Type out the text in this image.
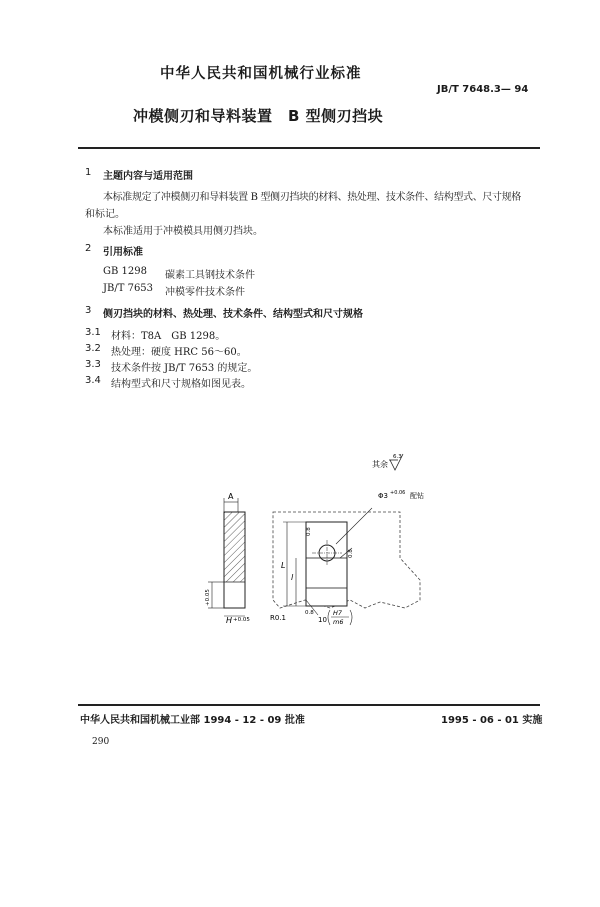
中华人民共和国机械行业标准
JB/T 7648.3— 94
冲模侧刃和导料装置　B 型侧刃挡块
1 主题内容与适用范围
本标准规定了冲模侧刃和导料装置 B 型侧刃挡块的材料、热处理、技术条件、结构型式、尺寸规格
和标记。
本标准适用于冲模模具用侧刃挡块。
2 引用标准
GB 1298 碳素工具钢技术条件
JB/T 7653 冲模零件技术条件
3 侧刃挡块的材料、热处理、技术条件、结构型式和尺寸规格
3.1 材料：T8A　GB 1298。
3.2 热处理：硬度 HRC 56～60。
3.3 技术条件按 JB/T 7653 的规定。
3.4 结构型式和尺寸规格如图见表。
其余
6.3
A
+0.05
H +0.05
L
l
0.8
0.8
Φ3 +0.06 配钻
R0.1
0.8
10
H7
m6
中华人民共和国机械工业部 1994 - 12 - 09 批准	1995 - 06 - 01 实施
290
